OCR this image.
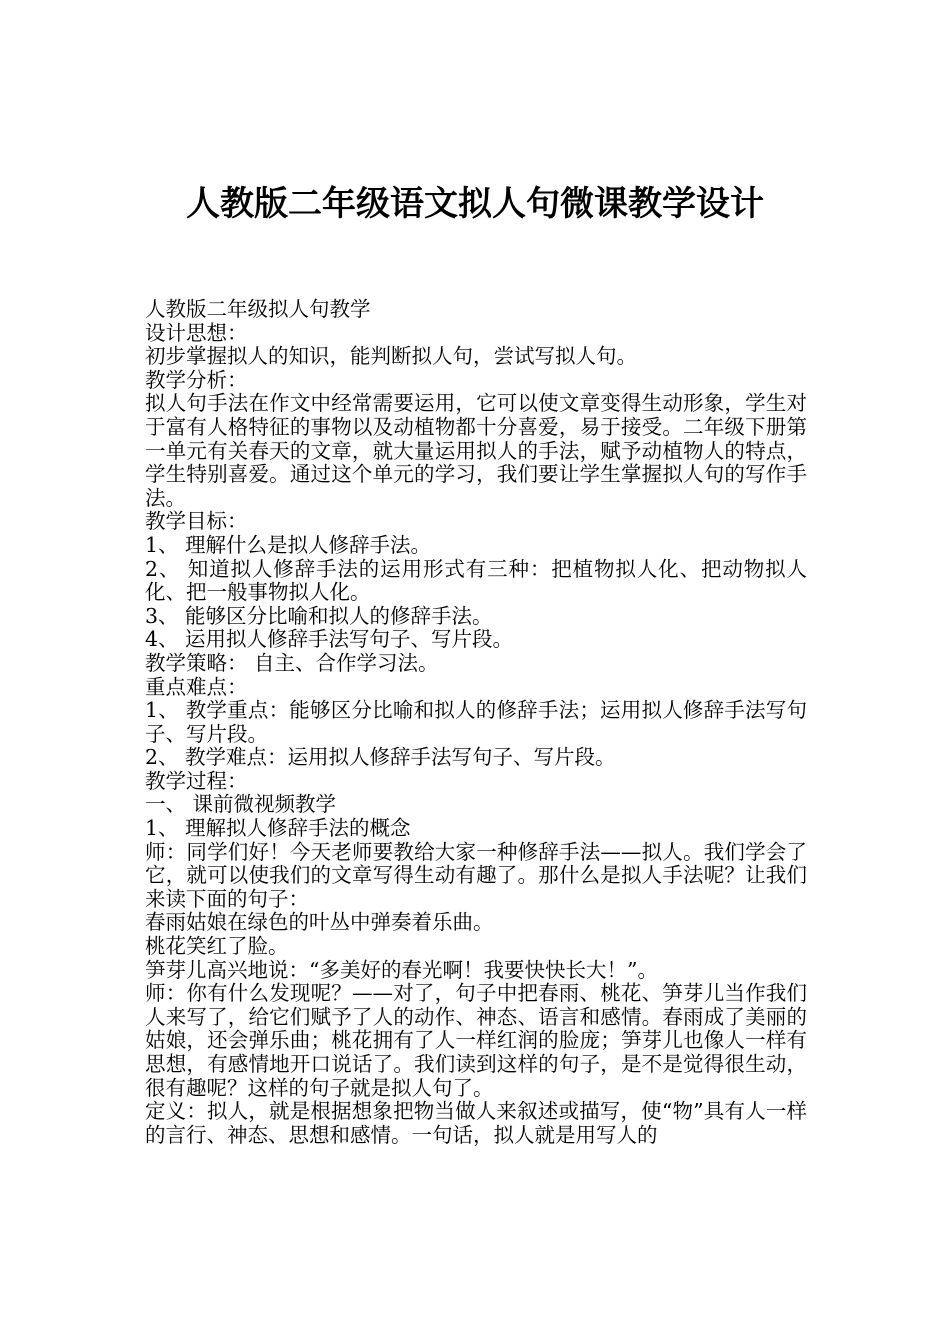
人教版二年级语文拟人句微课教学设计

人教版二年级拟人句教学

设计思想：

初步掌握拟人的知识，能判断拟人句，尝试写拟人句。

教学分析：

拟人句手法在作文中经常需要运用，它可以使文章变得生动形象，学生对于富有人格特征的事物以及动植物都十分喜爱，易于接受。二年级下册第一单元有关春天的文章，就大量运用拟人的手法，赋予动植物人的特点，学生特别喜爱。通过这个单元的学习，我们要让学生掌握拟人句的写作手法。

教学目标：

1、 理解什么是拟人修辞手法。

2、 知道拟人修辞手法的运用形式有三种：把植物拟人化、把动物拟人化、把一般事物拟人化。

3、 能够区分比喻和拟人的修辞手法。

4、 运用拟人修辞手法写句子、写片段。

教学策略： 自主、合作学习法。

重点难点：

1、 教学重点：能够区分比喻和拟人的修辞手法；运用拟人修辞手法写句子、写片段。

2、 教学难点：运用拟人修辞手法写句子、写片段。

教学过程：

一、 课前微视频教学

1、 理解拟人修辞手法的概念

师：同学们好！今天老师要教给大家一种修辞手法——拟人。我们学会了它，就可以使我们的文章写得生动有趣了。那什么是拟人手法呢？让我们来读下面的句子：

春雨姑娘在绿色的叶丛中弹奏着乐曲。

桃花笑红了脸。

笋芽儿高兴地说：“多美好的春光啊！我要快快长大！”。

师：你有什么发现呢？——对了，句子中把春雨、桃花、笋芽儿当作我们人来写了，给它们赋予了人的动作、神态、语言和感情。春雨成了美丽的姑娘，还会弹乐曲；桃花拥有了人一样红润的脸庞；笋芽儿也像人一样有思想，有感情地开口说话了。我们读到这样的句子，是不是觉得很生动，很有趣呢？这样的句子就是拟人句了。

定义：拟人，就是根据想象把物当做人来叙述或描写，使“物”具有人一样的言行、神态、思想和感情。一句话，拟人就是用写人的
